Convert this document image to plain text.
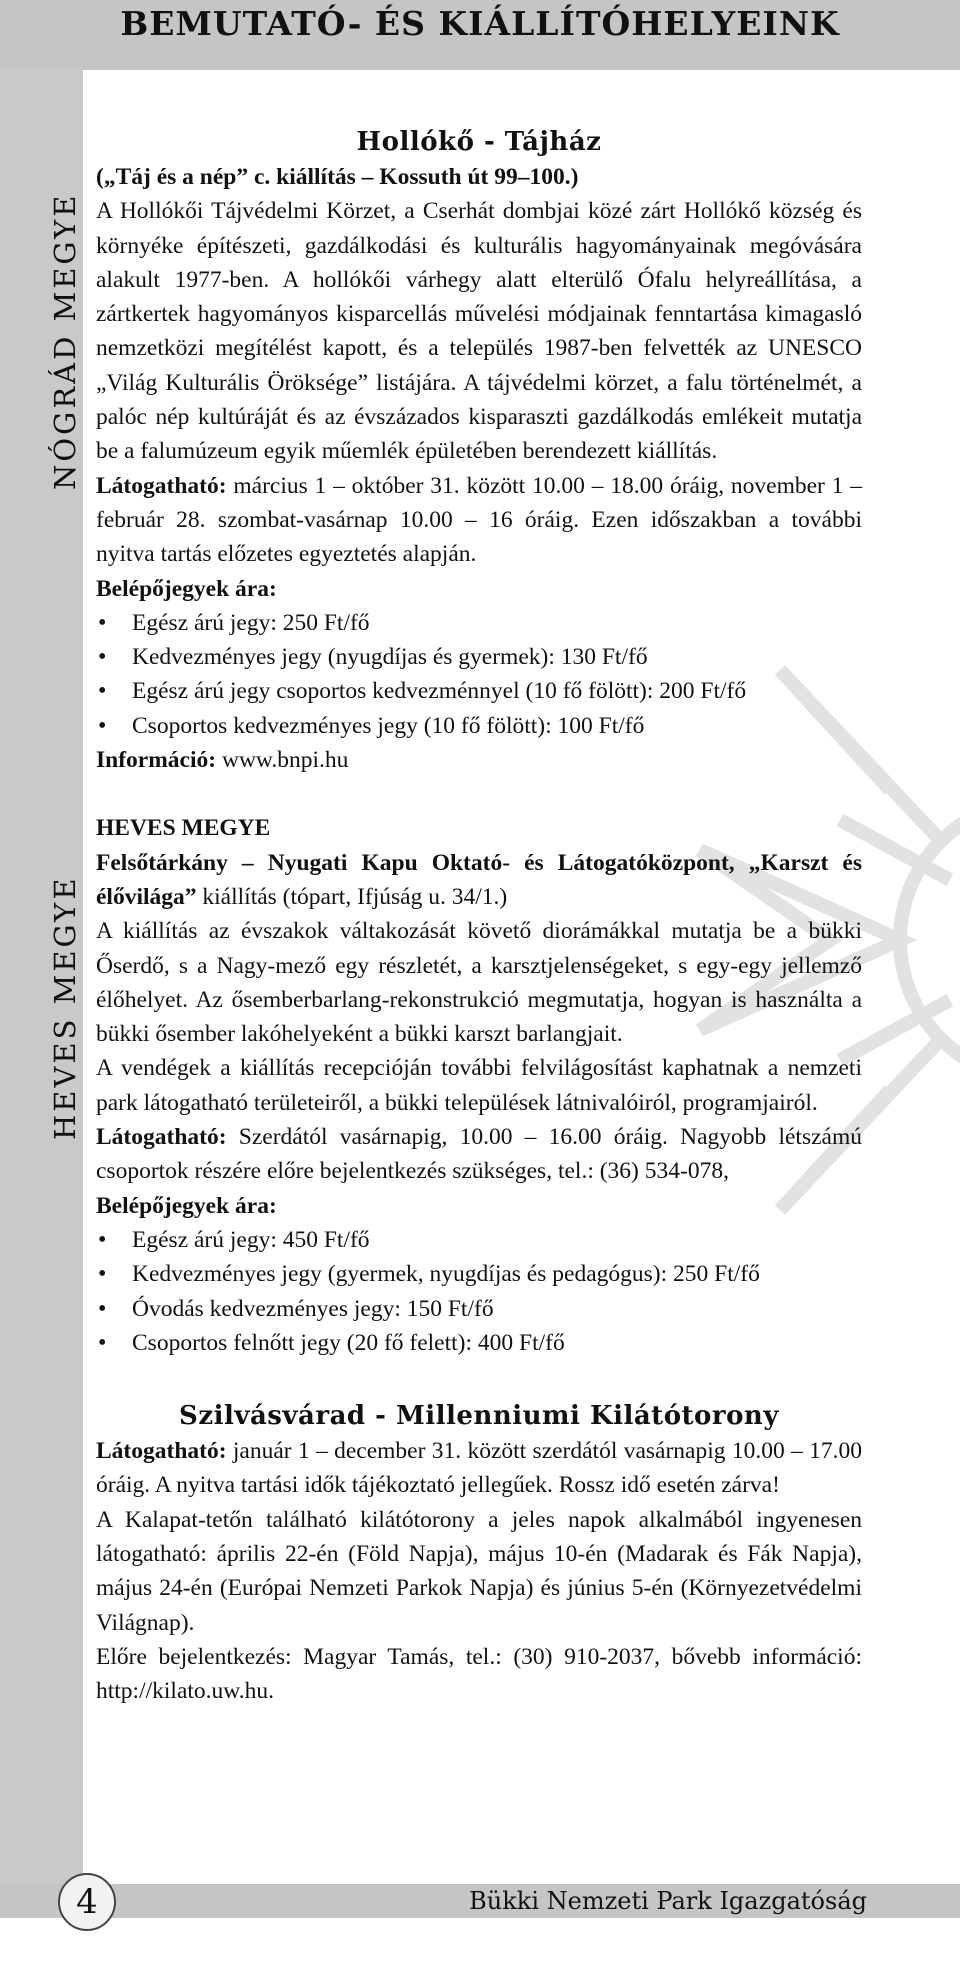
BEMUTATÓ- ÉS KIÁLLÍTÓHELYEINK
NÓGRÁD MEGYE
HEVES MEGYE
Hollókő - Tájház

(„Táj és a nép” c. kiállítás – Kossuth út 99–100.)

A Hollókői Tájvédelmi Körzet, a Cserhát dombjai közé zárt Hollókő község és környéke építészeti, gazdálkodási és kulturális hagyományainak megóvására alakult 1977-ben. A hollókői várhegy alatt elterülő Ófalu helyreállítása, a zártkertek hagyományos kisparcellás művelési módjainak fenntartása kimagasló nemzetközi megítélést kapott, és a település 1987-ben felvették az UNESCO „Világ Kulturális Öröksége” listájára. A tájvédelmi körzet, a falu történelmét, a palóc nép kultúráját és az évszázados kisparaszti gazdálkodás emlékeit mutatja be a falumúzeum egyik műemlék épületében berendezett kiállítás.

Látogatható: március 1 – október 31. között 10.00 – 18.00 óráig, november 1 – február 28. szombat-vasárnap 10.00 – 16 óráig. Ezen időszakban a további nyitva tartás előzetes egyeztetés alapján.

Belépőjegyek ára:

• Egész árú jegy: 250 Ft/fő
• Kedvezményes jegy (nyugdíjas és gyermek): 130 Ft/fő
• Egész árú jegy csoportos kedvezménnyel (10 fő fölött): 200 Ft/fő
• Csoportos kedvezményes jegy (10 fő fölött): 100 Ft/fő

Információ: www.bnpi.hu

HEVES MEGYE

Felsőtárkány – Nyugati Kapu Oktató- és Látogatóközpont, „Karszt és élővilága” kiállítás (tópart, Ifjúság u. 34/1.)

A kiállítás az évszakok váltakozását követő diorámákkal mutatja be a bükki Őserdő, s a Nagy-mező egy részletét, a karsztjelenségeket, s egy-egy jellemző élőhelyet. Az ősemberbarlang-rekonstrukció megmutatja, hogyan is használta a bükki ősember lakóhelyeként a bükki karszt barlangjait.

A vendégek a kiállítás recepcióján további felvilágosítást kaphatnak a nemzeti park látogatható területeiről, a bükki települések látnivalóiról, programjairól.

Látogatható: Szerdától vasárnapig, 10.00 – 16.00 óráig. Nagyobb létszámú csoportok részére előre bejelentkezés szükséges, tel.: (36) 534-078,

Belépőjegyek ára:

• Egész árú jegy: 450 Ft/fő
• Kedvezményes jegy (gyermek, nyugdíjas és pedagógus): 250 Ft/fő
• Óvodás kedvezményes jegy: 150 Ft/fő
• Csoportos felnőtt jegy (20 fő felett): 400 Ft/fő
Szilvásvárad - Millenniumi Kilátótorony

Látogatható: január 1 – december 31. között szerdától vasárnapig 10.00 – 17.00 óráig. A nyitva tartási idők tájékoztató jellegűek. Rossz idő esetén zárva!

A Kalapat-tetőn található kilátótorony a jeles napok alkalmából ingyenesen látogatható: április 22-én (Föld Napja), május 10-én (Madarak és Fák Napja), május 24-én (Európai Nemzeti Parkok Napja) és június 5-én (Környezetvédelmi Világnap).

Előre bejelentkezés: Magyar Tamás, tel.: (30) 910-2037, bővebb információ: http://kilato.uw.hu.

4	Bükki Nemzeti Park Igazgatóság
